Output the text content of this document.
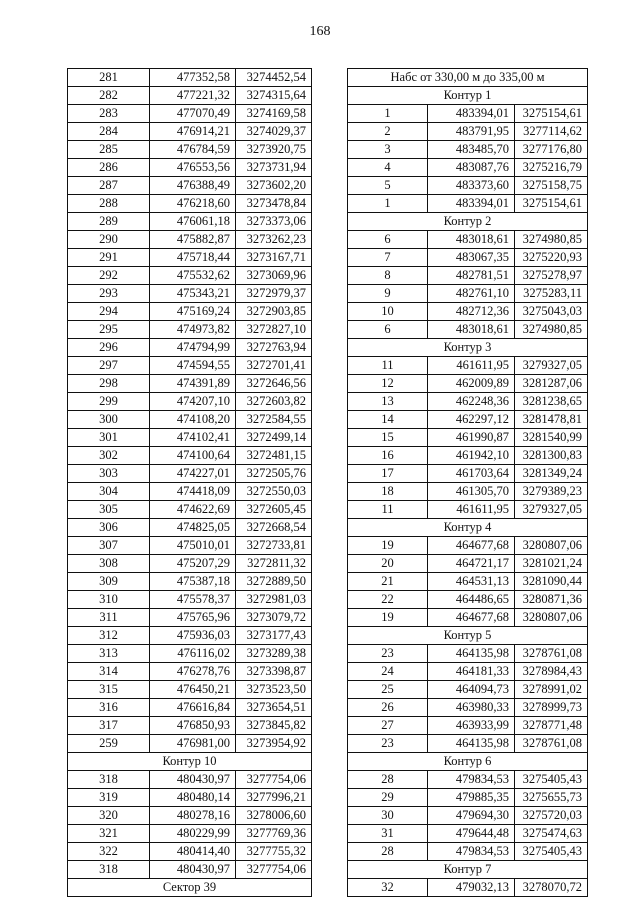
168
281	477352,58	3274452,54
282	477221,32	3274315,64
283	477070,49	3274169,58
284	476914,21	3274029,37
285	476784,59	3273920,75
286	476553,56	3273731,94
287	476388,49	3273602,20
288	476218,60	3273478,84
289	476061,18	3273373,06
290	475882,87	3273262,23
291	475718,44	3273167,71
292	475532,62	3273069,96
293	475343,21	3272979,37
294	475169,24	3272903,85
295	474973,82	3272827,10
296	474794,99	3272763,94
297	474594,55	3272701,41
298	474391,89	3272646,56
299	474207,10	3272603,82
300	474108,20	3272584,55
301	474102,41	3272499,14
302	474100,64	3272481,15
303	474227,01	3272505,76
304	474418,09	3272550,03
305	474622,69	3272605,45
306	474825,05	3272668,54
307	475010,01	3272733,81
308	475207,29	3272811,32
309	475387,18	3272889,50
310	475578,37	3272981,03
311	475765,96	3273079,72
312	475936,03	3273177,43
313	476116,02	3273289,38
314	476278,76	3273398,87
315	476450,21	3273523,50
316	476616,84	3273654,51
317	476850,93	3273845,82
259	476981,00	3273954,92
Контур 10		
318	480430,97	3277754,06
319	480480,14	3277996,21
320	480278,16	3278006,60
321	480229,99	3277769,36
322	480414,40	3277755,32
318	480430,97	3277754,06
Сектор 39		
Набс от 330,00 м до 335,00 м		
Контур 1		
1	483394,01	3275154,61
2	483791,95	3277114,62
3	483485,70	3277176,80
4	483087,76	3275216,79
5	483373,60	3275158,75
1	483394,01	3275154,61
Контур 2		
6	483018,61	3274980,85
7	483067,35	3275220,93
8	482781,51	3275278,97
9	482761,10	3275283,11
10	482712,36	3275043,03
6	483018,61	3274980,85
Контур 3		
11	461611,95	3279327,05
12	462009,89	3281287,06
13	462248,36	3281238,65
14	462297,12	3281478,81
15	461990,87	3281540,99
16	461942,10	3281300,83
17	461703,64	3281349,24
18	461305,70	3279389,23
11	461611,95	3279327,05
Контур 4		
19	464677,68	3280807,06
20	464721,17	3281021,24
21	464531,13	3281090,44
22	464486,65	3280871,36
19	464677,68	3280807,06
Контур 5		
23	464135,98	3278761,08
24	464181,33	3278984,43
25	464094,73	3278991,02
26	463980,33	3278999,73
27	463933,99	3278771,48
23	464135,98	3278761,08
Контур 6		
28	479834,53	3275405,43
29	479885,35	3275655,73
30	479694,30	3275720,03
31	479644,48	3275474,63
28	479834,53	3275405,43
Контур 7		
32	479032,13	3278070,72
